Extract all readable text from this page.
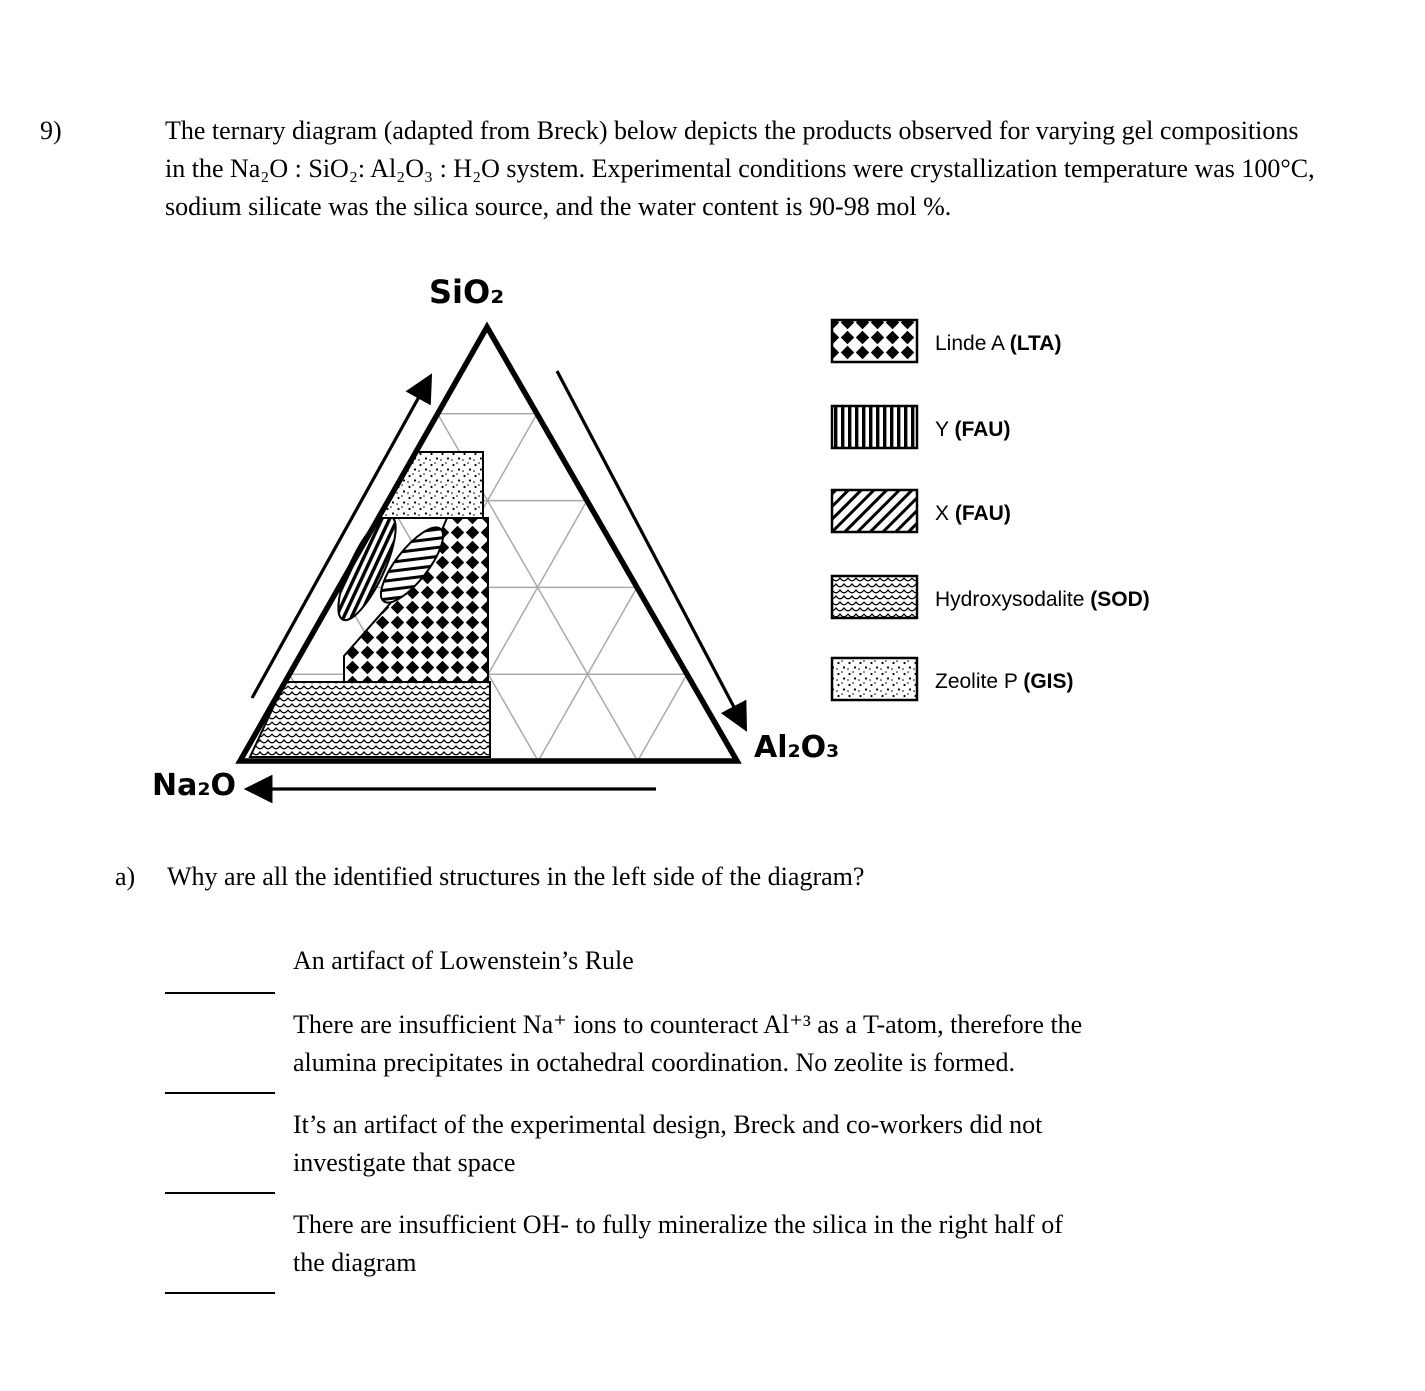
9)	The ternary diagram (adapted from Breck) below depicts the products observed for varying gel compositions in the Na₂O : SiO₂: Al₂O₃ : H₂O system. Experimental conditions were crystallization temperature was 100°C, sodium silicate was the silica source, and the water content is 90-98 mol %.
SiO₂
Na₂O
Al₂O₃
Linde A (LTA)
Y (FAU)
X (FAU)
Hydroxysodalite (SOD)
Zeolite P (GIS)
a)	Why are all the identified structures in the left side of the diagram?
An artifact of Lowenstein’s Rule
There are insufficient Na⁺ ions to counteract Al⁺³ as a T-atom, therefore the alumina precipitates in octahedral coordination. No zeolite is formed.
It’s an artifact of the experimental design, Breck and co-workers did not investigate that space
There are insufficient OH- to fully mineralize the silica in the right half of the diagram
